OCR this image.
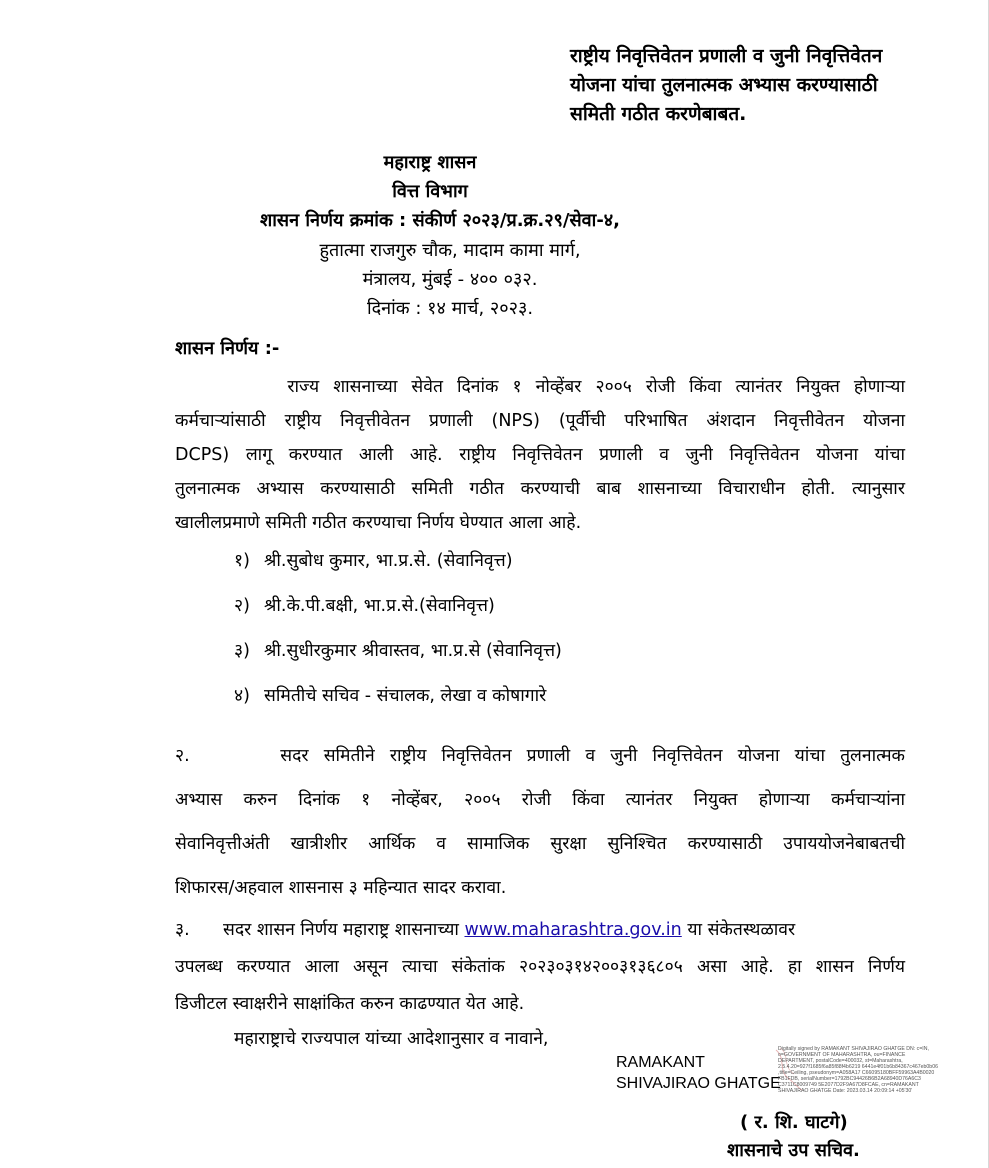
राष्ट्रीय निवृत्तिवेतन प्रणाली व जुनी निवृत्तिवेतन
योजना यांचा तुलनात्मक अभ्यास करण्यासाठी
समिती गठीत करणेबाबत.
महाराष्ट्र शासन
वित्त विभाग
शासन निर्णय क्रमांक : संकीर्ण २०२३/प्र.क्र.२९/सेवा-४,
हुतात्मा राजगुरु चौक, मादाम कामा मार्ग,
मंत्रालय, मुंबई - ४०० ०३२.
दिनांक : १४ मार्च, २०२३.
शासन निर्णय :-
राज्य शासनाच्या सेवेत दिनांक १ नोव्हेंबर २००५ रोजी किंवा त्यानंतर नियुक्त होणाऱ्या
कर्मचाऱ्यांसाठी राष्ट्रीय निवृत्तीवेतन प्रणाली (NPS) (पूर्वीची परिभाषित अंशदान निवृत्तीवेतन योजना
DCPS) लागू करण्यात आली आहे. राष्ट्रीय निवृत्तिवेतन प्रणाली व जुनी निवृत्तिवेतन योजना यांचा
तुलनात्मक अभ्यास करण्यासाठी समिती गठीत करण्याची बाब शासनाच्या विचाराधीन होती. त्यानुसार
खालीलप्रमाणे समिती गठीत करण्याचा निर्णय घेण्यात आला आहे.
१) श्री.सुबोध कुमार, भा.प्र.से. (सेवानिवृत्त)
२) श्री.के.पी.बक्षी, भा.प्र.से.(सेवानिवृत्त)
३) श्री.सुधीरकुमार श्रीवास्तव, भा.प्र.से (सेवानिवृत्त)
४) समितीचे सचिव - संचालक, लेखा व कोषागारे
२.      सदर समितीने राष्ट्रीय निवृत्तिवेतन प्रणाली व जुनी निवृत्तिवेतन योजना यांचा तुलनात्मक
अभ्यास करुन दिनांक १ नोव्हेंबर, २००५ रोजी किंवा त्यानंतर नियुक्त होणाऱ्या कर्मचाऱ्यांना
सेवानिवृत्तीअंती खात्रीशीर आर्थिक व सामाजिक सुरक्षा सुनिश्चित करण्यासाठी उपाययोजनेबाबतची
शिफारस/अहवाल शासनास ३ महिन्यात सादर करावा.
३.      सदर शासन निर्णय महाराष्ट्र शासनाच्या www.maharashtra.gov.in या संकेतस्थळावर
उपलब्ध करण्यात आला असून त्याचा संकेतांक २०२३०३१४२००३१३६८०५ असा आहे. हा शासन निर्णय
डिजीटल स्वाक्षरीने साक्षांकित करुन काढण्यात येत आहे.
महाराष्ट्राचे राज्यपाल यांच्या आदेशानुसार व नावाने,
RAMAKANT
SHIVAJIRAO GHATGE
Digitally signed by RAMAKANT SHIVAJIRAO GHATGE DN: c=IN, o=GOVERNMENT OF MAHARASHTRA, ou=FINANCE DEPARTMENT, postalCode=400032, st=Maharashtra, 2.5.4.20=927f1685f6a85f88f4b6219 6441e4f01b6b84367c467eb0b06 ,title=Ceiling, pseudonym=A058A17 C66095180BFF59963A4B0020 FB1FDB, serialNumber=1792BC94426B6B2A68940D76A6C3 C3711C8009749 5E2077D2F9A67D8FCAE, cn=RAMAKANT SHIVAJIRAO GHATGE Date: 2023.03.14 20:09:14 +05'30'
( र. शि. घाटगे)
शासनाचे उप सचिव.
